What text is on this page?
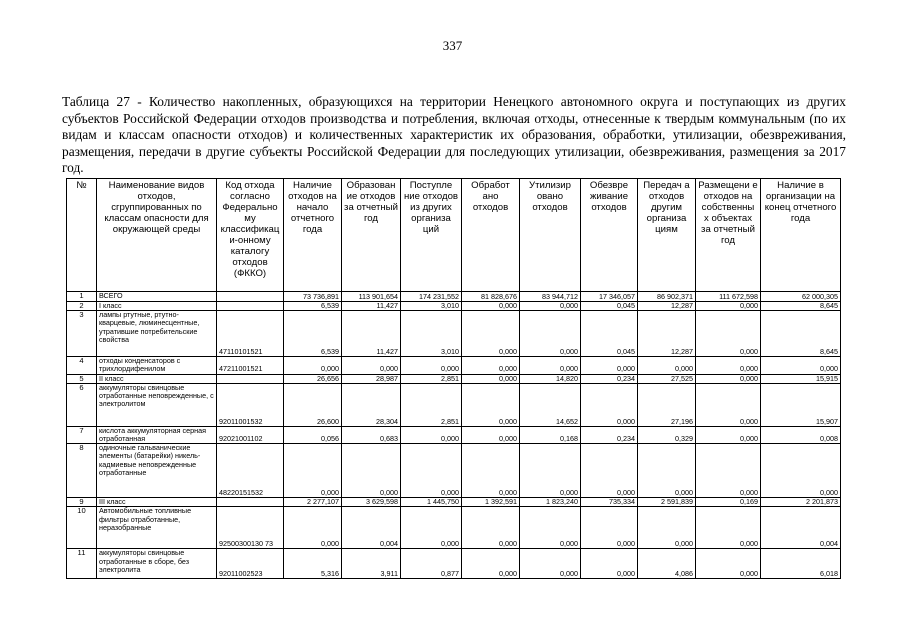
337
Таблица 27 - Количество накопленных, образующихся на территории Ненецкого автономного округа и поступающих из других субъектов Российской Федерации отходов производства и потребления, включая отходы, отнесенные к твердым коммунальным (по их видам и классам опасности отходов) и количественных характеристик их образования, обработки, утилизации, обезвреживания, размещения, передачи в другие субъекты Российской Федерации для последующих утилизации, обезвреживания, размещения за 2017 год.
№	Наименование видов отходов, сгруппированных по классам опасности для окружающей среды	Код отхода согласно Федерально му классификац и-онному каталогу отходов (ФККО)	Наличие отходов на начало отчетного года	Образован ие отходов за отчетный год	Поступле ние отходов из других организа ций	Обработ ано отходов	Утилизир овано отходов	Обезвре живание отходов	Передач а отходов другим организа циям	Размещени е отходов на собственны х объектах за отчетный год	Наличие в организации на конец отчетного года
1	ВСЕГО		73 736,891	113 901,654	174 231,552	81 828,676	83 944,712	17 346,057	86 902,371	111 672,598	62 000,305
2	I класс		6,539	11,427	3,010	0,000	0,000	0,045	12,287	0,000	8,645
3	лампы ртутные, ртутно-кварцевые, люминесцентные, утратившие потребительские свойства	47110101521	6,539	11,427	3,010	0,000	0,000	0,045	12,287	0,000	8,645
4	отходы конденсаторов с трихлордифенилом	47211001521	0,000	0,000	0,000	0,000	0,000	0,000	0,000	0,000	0,000
5	II класс		26,656	28,987	2,851	0,000	14,820	0,234	27,525	0,000	15,915
6	аккумуляторы свинцовые отработанные неповрежденные, с электролитом	92011001532	26,600	28,304	2,851	0,000	14,652	0,000	27,196	0,000	15,907
7	кислота аккумуляторная серная отработанная	92021001102	0,056	0,683	0,000	0,000	0,168	0,234	0,329	0,000	0,008
8	одиночные гальванические элементы (батарейки) никель-кадмиевые неповрежденные отработанные	48220151532	0,000	0,000	0,000	0,000	0,000	0,000	0,000	0,000	0,000
9	III класс		2 277,107	3 629,598	1 445,750	1 392,591	1 823,240	735,334	2 591,839	0,169	2 201,873
10	Автомобильные топливные фильтры отработанные, неразобранные	92500300130 73	0,000	0,004	0,000	0,000	0,000	0,000	0,000	0,000	0,004
11	аккумуляторы свинцовые отработанные в сборе, без электролита	92011002523	5,316	3,911	0,877	0,000	0,000	0,000	4,086	0,000	6,018
